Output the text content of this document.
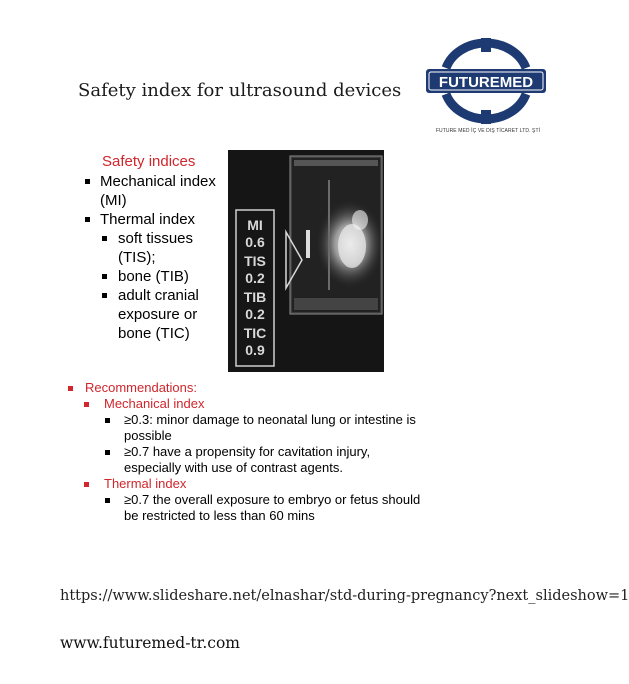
Safety index for ultrasound devices	FUTUREMED
FUTURE MED İÇ VE DIŞ TİCARET LTD. ŞTİ
Safety indices
Mechanical index (MI)
Thermal index
soft tissues (TIS);
bone (TIB)
adult cranial exposure or bone (TIC)
MI
0.6
TIS
0.2
TIB
0.2
TIC
0.9
Recommendations:
Mechanical index
≥0.3: minor damage to neonatal lung or intestine is possible
≥0.7 have a propensity for cavitation injury, especially with use of contrast agents.
Thermal index
≥0.7 the overall exposure to embryo or fetus should be restricted to less than 60 mins
https://www.slideshare.net/elnashar/std-during-pregnancy?next_slideshow=1
www.futuremed-tr.com
